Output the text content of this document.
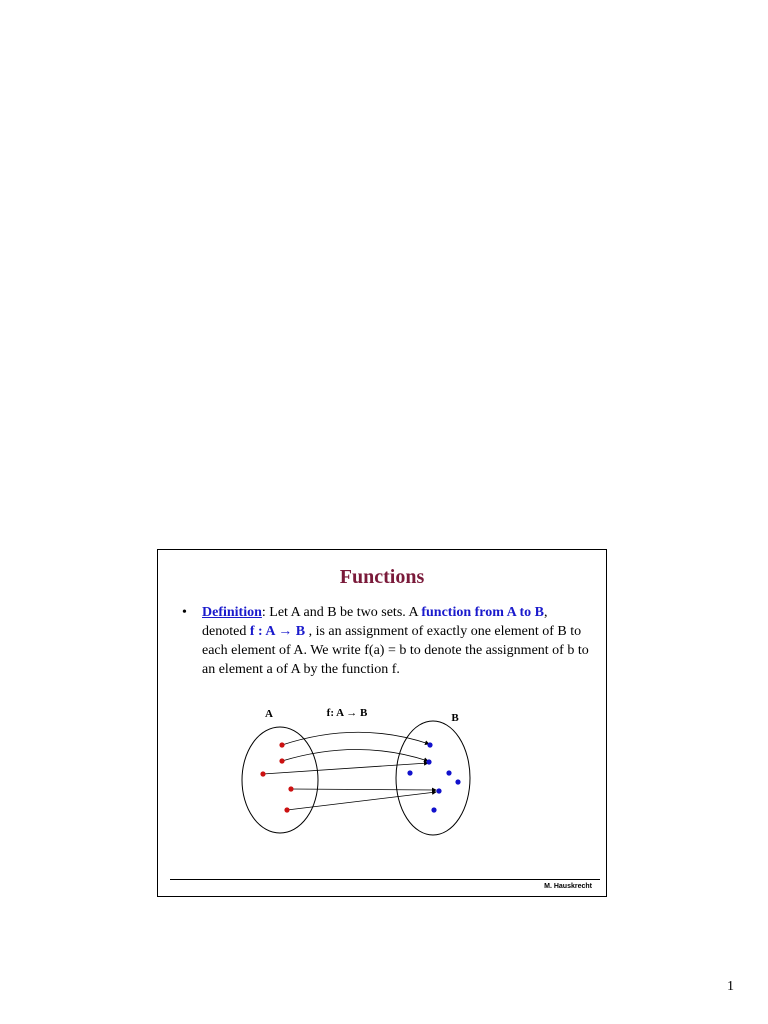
Functions
• Definition: Let A and B be two sets. A function from A to B,
denoted f : A → B , is an assignment of exactly one element of B to each element of A. We write f(a) = b to denote the assignment of b to an element a of A by the function f.
A	f: A → B	B
M. Hauskrecht
1
